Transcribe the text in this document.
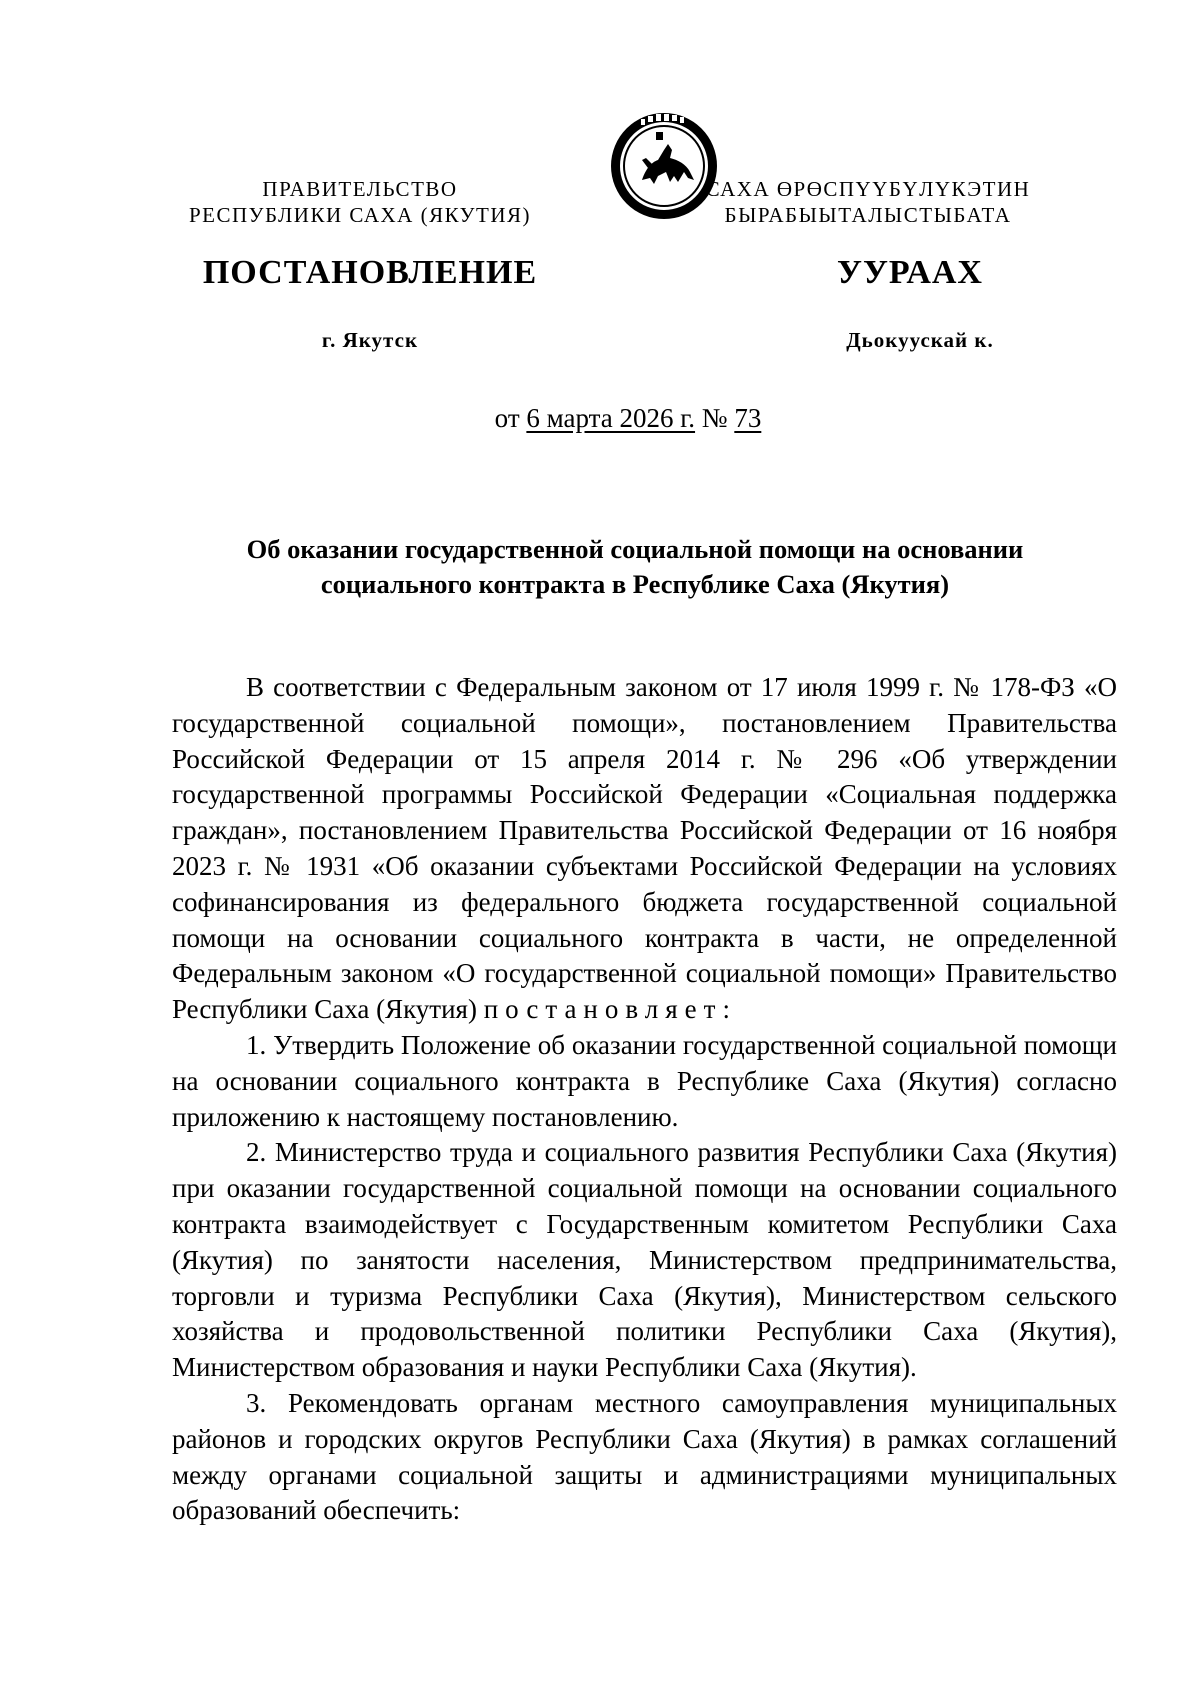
ПРАВИТЕЛЬСТВО
РЕСПУБЛИКИ САХА (ЯКУТИЯ)
САХА ӨРӨСПҮҮБҮЛҮКЭТИН
БЫРАБЫЫТАЛЫСТЫБАТА
ПОСТАНОВЛЕНИЕ	УУРААХ
г. Якутск	Дьокуускай к.
от 6 марта 2026 г. № 73
Об оказании государственной социальной помощи на основании
социального контракта в Республике Саха (Якутия)

В соответствии с Федеральным законом от 17 июля 1999 г. № 178-ФЗ «О государственной социальной помощи», постановлением Правительства Российской Федерации от 15 апреля 2014 г. № 296 «Об утверждении государственной программы Российской Федерации «Социальная поддержка граждан», постановлением Правительства Российской Федерации от 16 ноября 2023 г. № 1931 «Об оказании субъектами Российской Федерации на условиях софинансирования из федерального бюджета государственной социальной помощи на основании социального контракта в части, не определенной Федеральным законом «О государственной социальной помощи» Правительство Республики Саха (Якутия) постановляет:

1. Утвердить Положение об оказании государственной социальной помощи на основании социального контракта в Республике Саха (Якутия) согласно приложению к настоящему постановлению.

2. Министерство труда и социального развития Республики Саха (Якутия) при оказании государственной социальной помощи на основании социального контракта взаимодействует с Государственным комитетом Республики Саха (Якутия) по занятости населения, Министерством предпринимательства, торговли и туризма Республики Саха (Якутия), Министерством сельского хозяйства и продовольственной политики Республики Саха (Якутия), Министерством образования и науки Республики Саха (Якутия).

3. Рекомендовать органам местного самоуправления муниципальных районов и городских округов Республики Саха (Якутия) в рамках соглашений между органами социальной защиты и администрациями муниципальных образований обеспечить:
